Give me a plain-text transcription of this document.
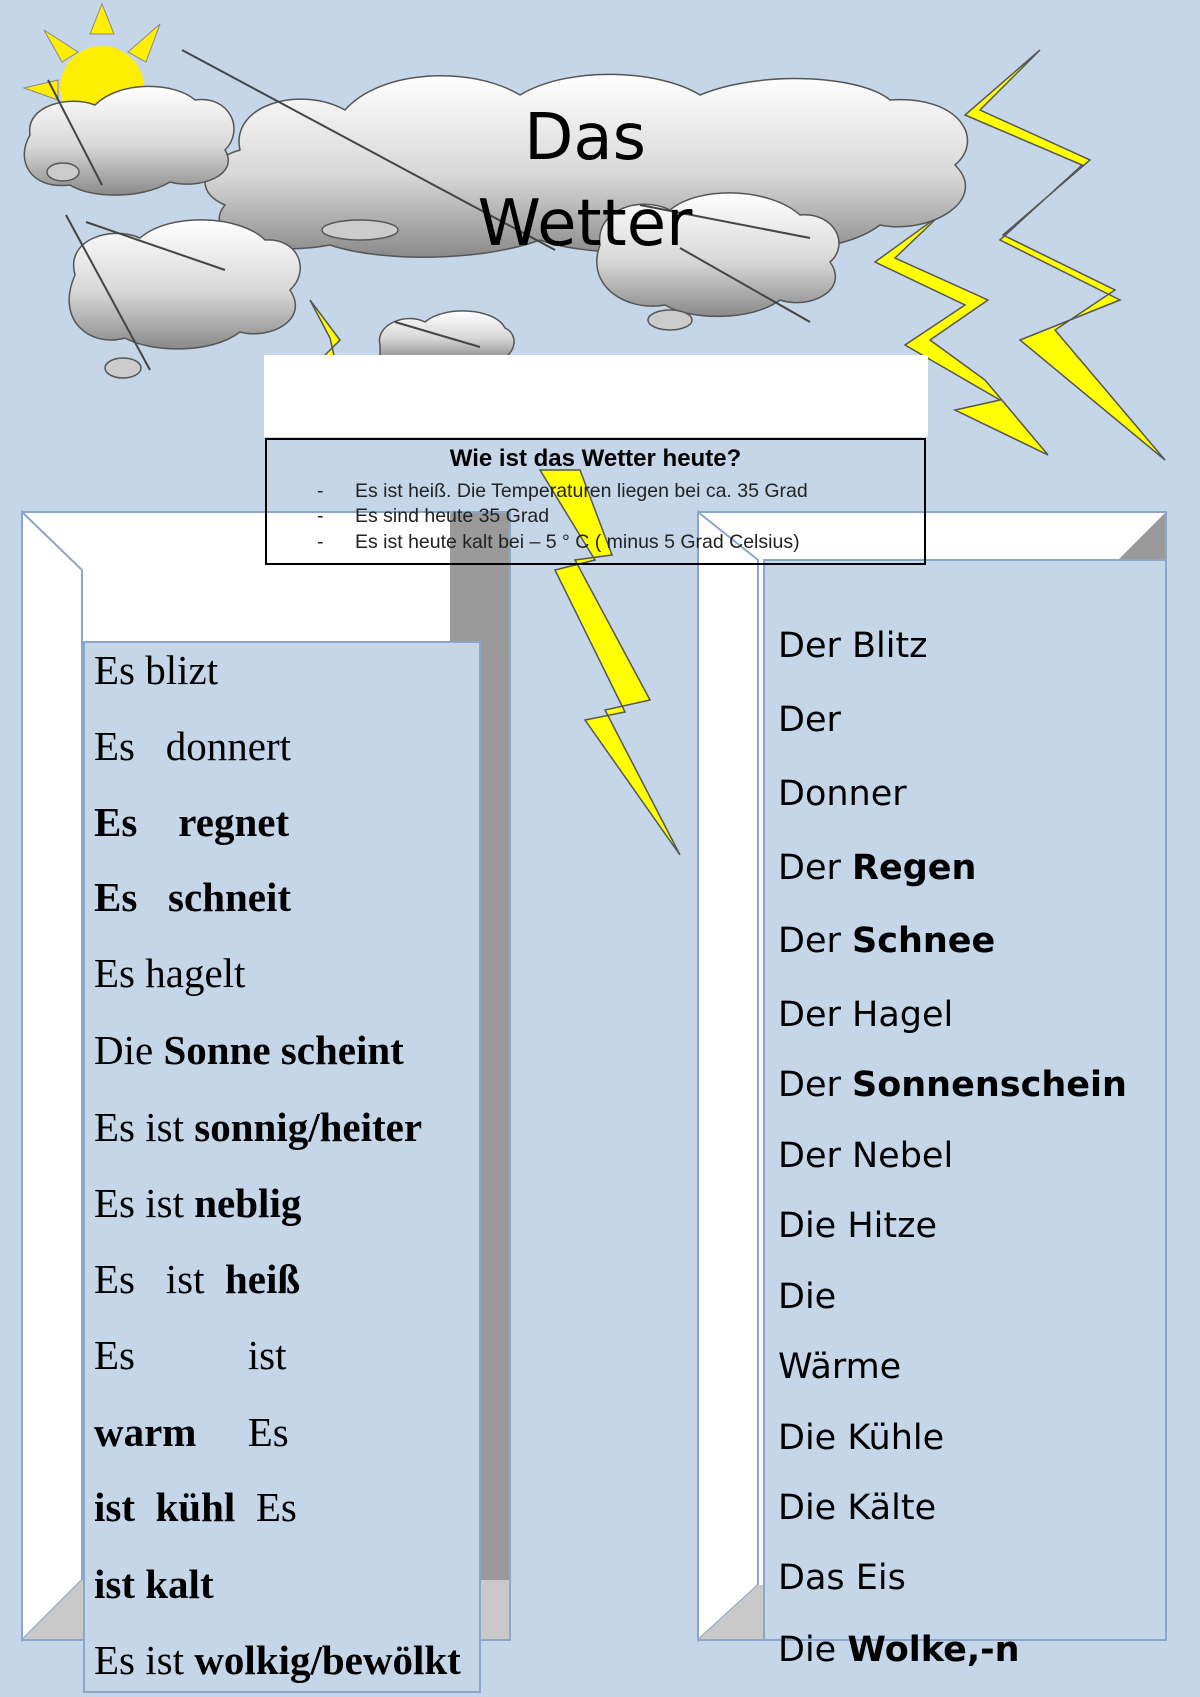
Das
Wetter
Wie ist das Wetter heute?
- Es ist heiß. Die Temperaturen liegen bei ca. 35 Grad
- Es sind heute 35 Grad
- Es ist heute kalt bei – 5 ° C ( minus 5 Grad Celsius)
Es blizt
Es   donnert
Es    regnet
Es   schneit
Es hagelt
Die Sonne scheint
Es ist sonnig/heiter
Es ist neblig
Es   ist  heiß
Es           ist
warm     Es
ist  kühl  Es
ist kalt
Es ist wolkig/bewölkt
Der Blitz
Der
Donner
Der Regen
Der Schnee
Der Hagel
Der Sonnenschein
Der Nebel
Die Hitze
Die
Wärme
Die Kühle
Die Kälte
Das Eis
Die Wolke,-n
